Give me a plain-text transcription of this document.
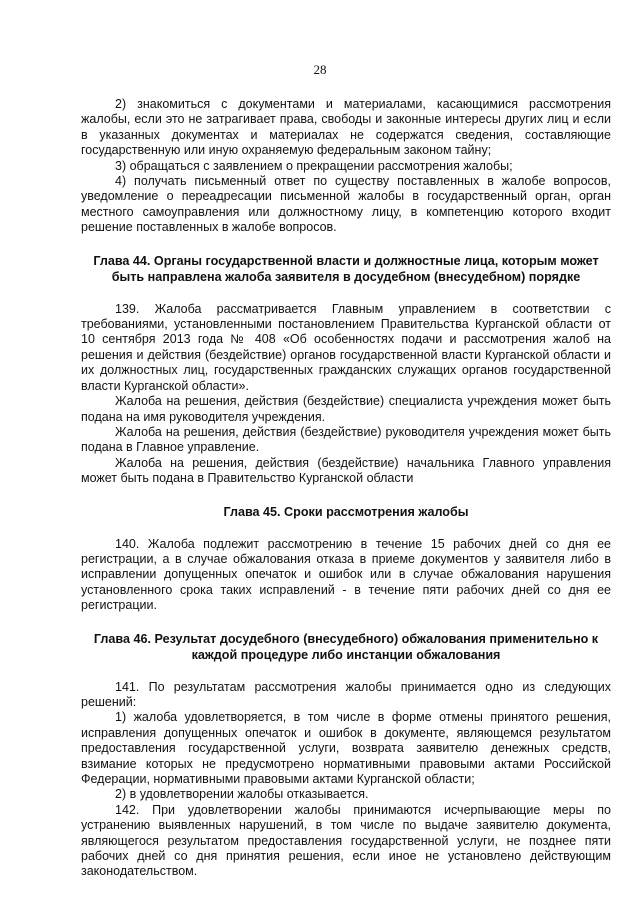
28

2) знакомиться с документами и материалами, касающимися рассмотрения жалобы, если это не затрагивает права, свободы и законные интересы других лиц и если в указанных документах и материалах не содержатся сведения, составляющие государственную или иную охраняемую федеральным законом тайну;

3) обращаться с заявлением о прекращении рассмотрения жалобы;

4) получать письменный ответ по существу поставленных в жалобе вопросов, уведомление о переадресации письменной жалобы в государственный орган, орган местного самоуправления или должностному лицу, в компетенцию которого входит решение поставленных в жалобе вопросов.

Глава 44. Органы государственной власти и должностные лица, которым может быть направлена жалоба заявителя в досудебном (внесудебном) порядке

139. Жалоба рассматривается Главным управлением в соответствии с требованиями, установленными постановлением Правительства Курганской области от 10 сентября 2013 года № 408 «Об особенностях подачи и рассмотрения жалоб на решения и действия (бездействие) органов государственной власти Курганской области и их должностных лиц, государственных гражданских служащих органов государственной власти Курганской области».

Жалоба на решения, действия (бездействие) специалиста учреждения может быть подана на имя руководителя учреждения.

Жалоба на решения, действия (бездействие) руководителя учреждения может быть подана в Главное управление.

Жалоба на решения, действия (бездействие) начальника Главного управления может быть подана в Правительство Курганской области

Глава 45. Сроки рассмотрения жалобы

140. Жалоба подлежит рассмотрению в течение 15 рабочих дней со дня ее регистрации, а в случае обжалования отказа в приеме документов у заявителя либо в исправлении допущенных опечаток и ошибок или в случае обжалования нарушения установленного срока таких исправлений - в течение пяти рабочих дней со дня ее регистрации.

Глава 46. Результат досудебного (внесудебного) обжалования применительно к каждой процедуре либо инстанции обжалования

141. По результатам рассмотрения жалобы принимается одно из следующих решений:

1) жалоба удовлетворяется, в том числе в форме отмены принятого решения, исправления допущенных опечаток и ошибок в документе, являющемся результатом предоставления государственной услуги, возврата заявителю денежных средств, взимание которых не предусмотрено нормативными правовыми актами Российской Федерации, нормативными правовыми актами Курганской области;

2) в удовлетворении жалобы отказывается.

142. При удовлетворении жалобы принимаются исчерпывающие меры по устранению выявленных нарушений, в том числе по выдаче заявителю документа, являющегося результатом предоставления государственной услуги, не позднее пяти рабочих дней со дня принятия решения, если иное не установлено действующим законодательством.
